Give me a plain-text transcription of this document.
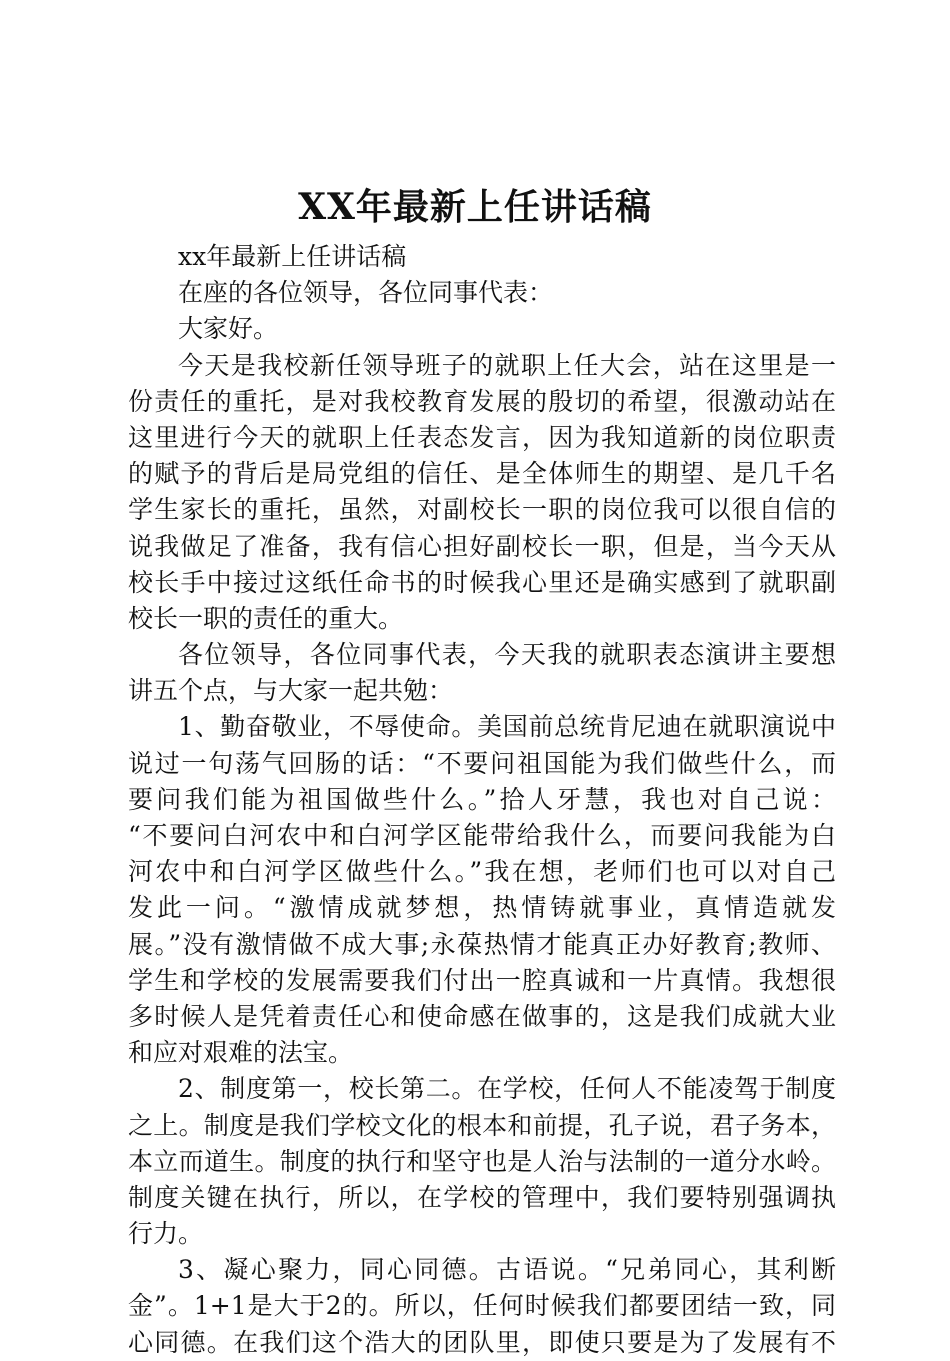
XX年最新上任讲话稿
xx年最新上任讲话稿
在座的各位领导，各位同事代表：
大家好。
今天是我校新任领导班子的就职上任大会，站在这里是一
份责任的重托，是对我校教育发展的殷切的希望，很激动站在
这里进行今天的就职上任表态发言，因为我知道新的岗位职责
的赋予的背后是局党组的信任、是全体师生的期望、是几千名
学生家长的重托，虽然，对副校长一职的岗位我可以很自信的
说我做足了准备，我有信心担好副校长一职，但是，当今天从
校长手中接过这纸任命书的时候我心里还是确实感到了就职副
校长一职的责任的重大。
各位领导，各位同事代表，今天我的就职表态演讲主要想
讲五个点，与大家一起共勉：
1、勤奋敬业，不辱使命。美国前总统肯尼迪在就职演说中
说过一句荡气回肠的话：“不要问祖国能为我们做些什么，而
要问我们能为祖国做些什么。”拾人牙慧，我也对自己说：
“不要问白河农中和白河学区能带给我什么，而要问我能为白
河农中和白河学区做些什么。”我在想，老师们也可以对自己
发此一问。“激情成就梦想，热情铸就事业，真情造就发
展。”没有激情做不成大事;永葆热情才能真正办好教育;教师、
学生和学校的发展需要我们付出一腔真诚和一片真情。我想很
多时候人是凭着责任心和使命感在做事的，这是我们成就大业
和应对艰难的法宝。
2、制度第一，校长第二。在学校，任何人不能凌驾于制度
之上。制度是我们学校文化的根本和前提，孔子说，君子务本，
本立而道生。制度的执行和坚守也是人治与法制的一道分水岭。
制度关键在执行，所以，在学校的管理中，我们要特别强调执
行力。
3、凝心聚力，同心同德。古语说。“兄弟同心，其利断
金”。1+1是大于2的。所以，任何时候我们都要团结一致，同
心同德。在我们这个浩大的团队里，即使只要是为了发展有不
